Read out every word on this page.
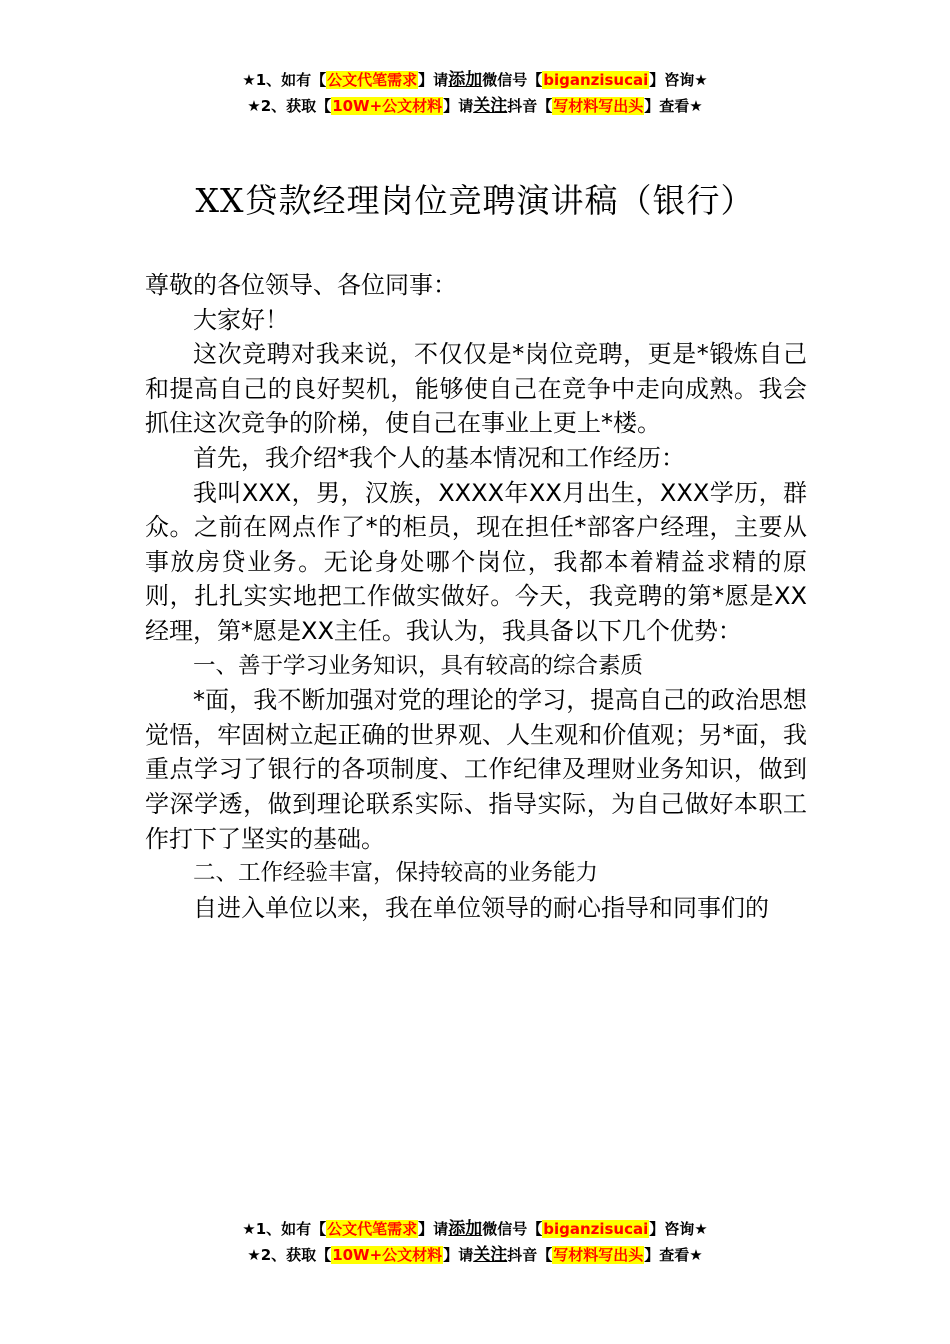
★1、如有【公文代笔需求】请添加微信号【biganzisucai】咨询★
★2、获取【10W+公文材料】请关注抖音【写材料写出头】查看★
XX贷款经理岗位竞聘演讲稿（银行）

尊敬的各位领导、各位同事：

大家好！

这次竞聘对我来说，不仅仅是*岗位竞聘，更是*锻炼自己和提高自己的良好契机，能够使自己在竞争中走向成熟。我会抓住这次竞争的阶梯，使自己在事业上更上*楼。

首先，我介绍*我个人的基本情况和工作经历：

我叫XXX，男，汉族，XXXX年XX月出生，XXX学历，群众。之前在网点作了*的柜员，现在担任*部客户经理，主要从事放房贷业务。无论身处哪个岗位，我都本着精益求精的原则，扎扎实实地把工作做实做好。今天，我竞聘的第*愿是XX经理，第*愿是XX主任。我认为，我具备以下几个优势：

一、善于学习业务知识，具有较高的综合素质

*面，我不断加强对党的理论的学习，提高自己的政治思想觉悟，牢固树立起正确的世界观、人生观和价值观；另*面，我重点学习了银行的各项制度、工作纪律及理财业务知识，做到学深学透，做到理论联系实际、指导实际，为自己做好本职工作打下了坚实的基础。

二、工作经验丰富，保持较高的业务能力

自进入单位以来，我在单位领导的耐心指导和同事们的

★1、如有【公文代笔需求】请添加微信号【biganzisucai】咨询★
★2、获取【10W+公文材料】请关注抖音【写材料写出头】查看★
